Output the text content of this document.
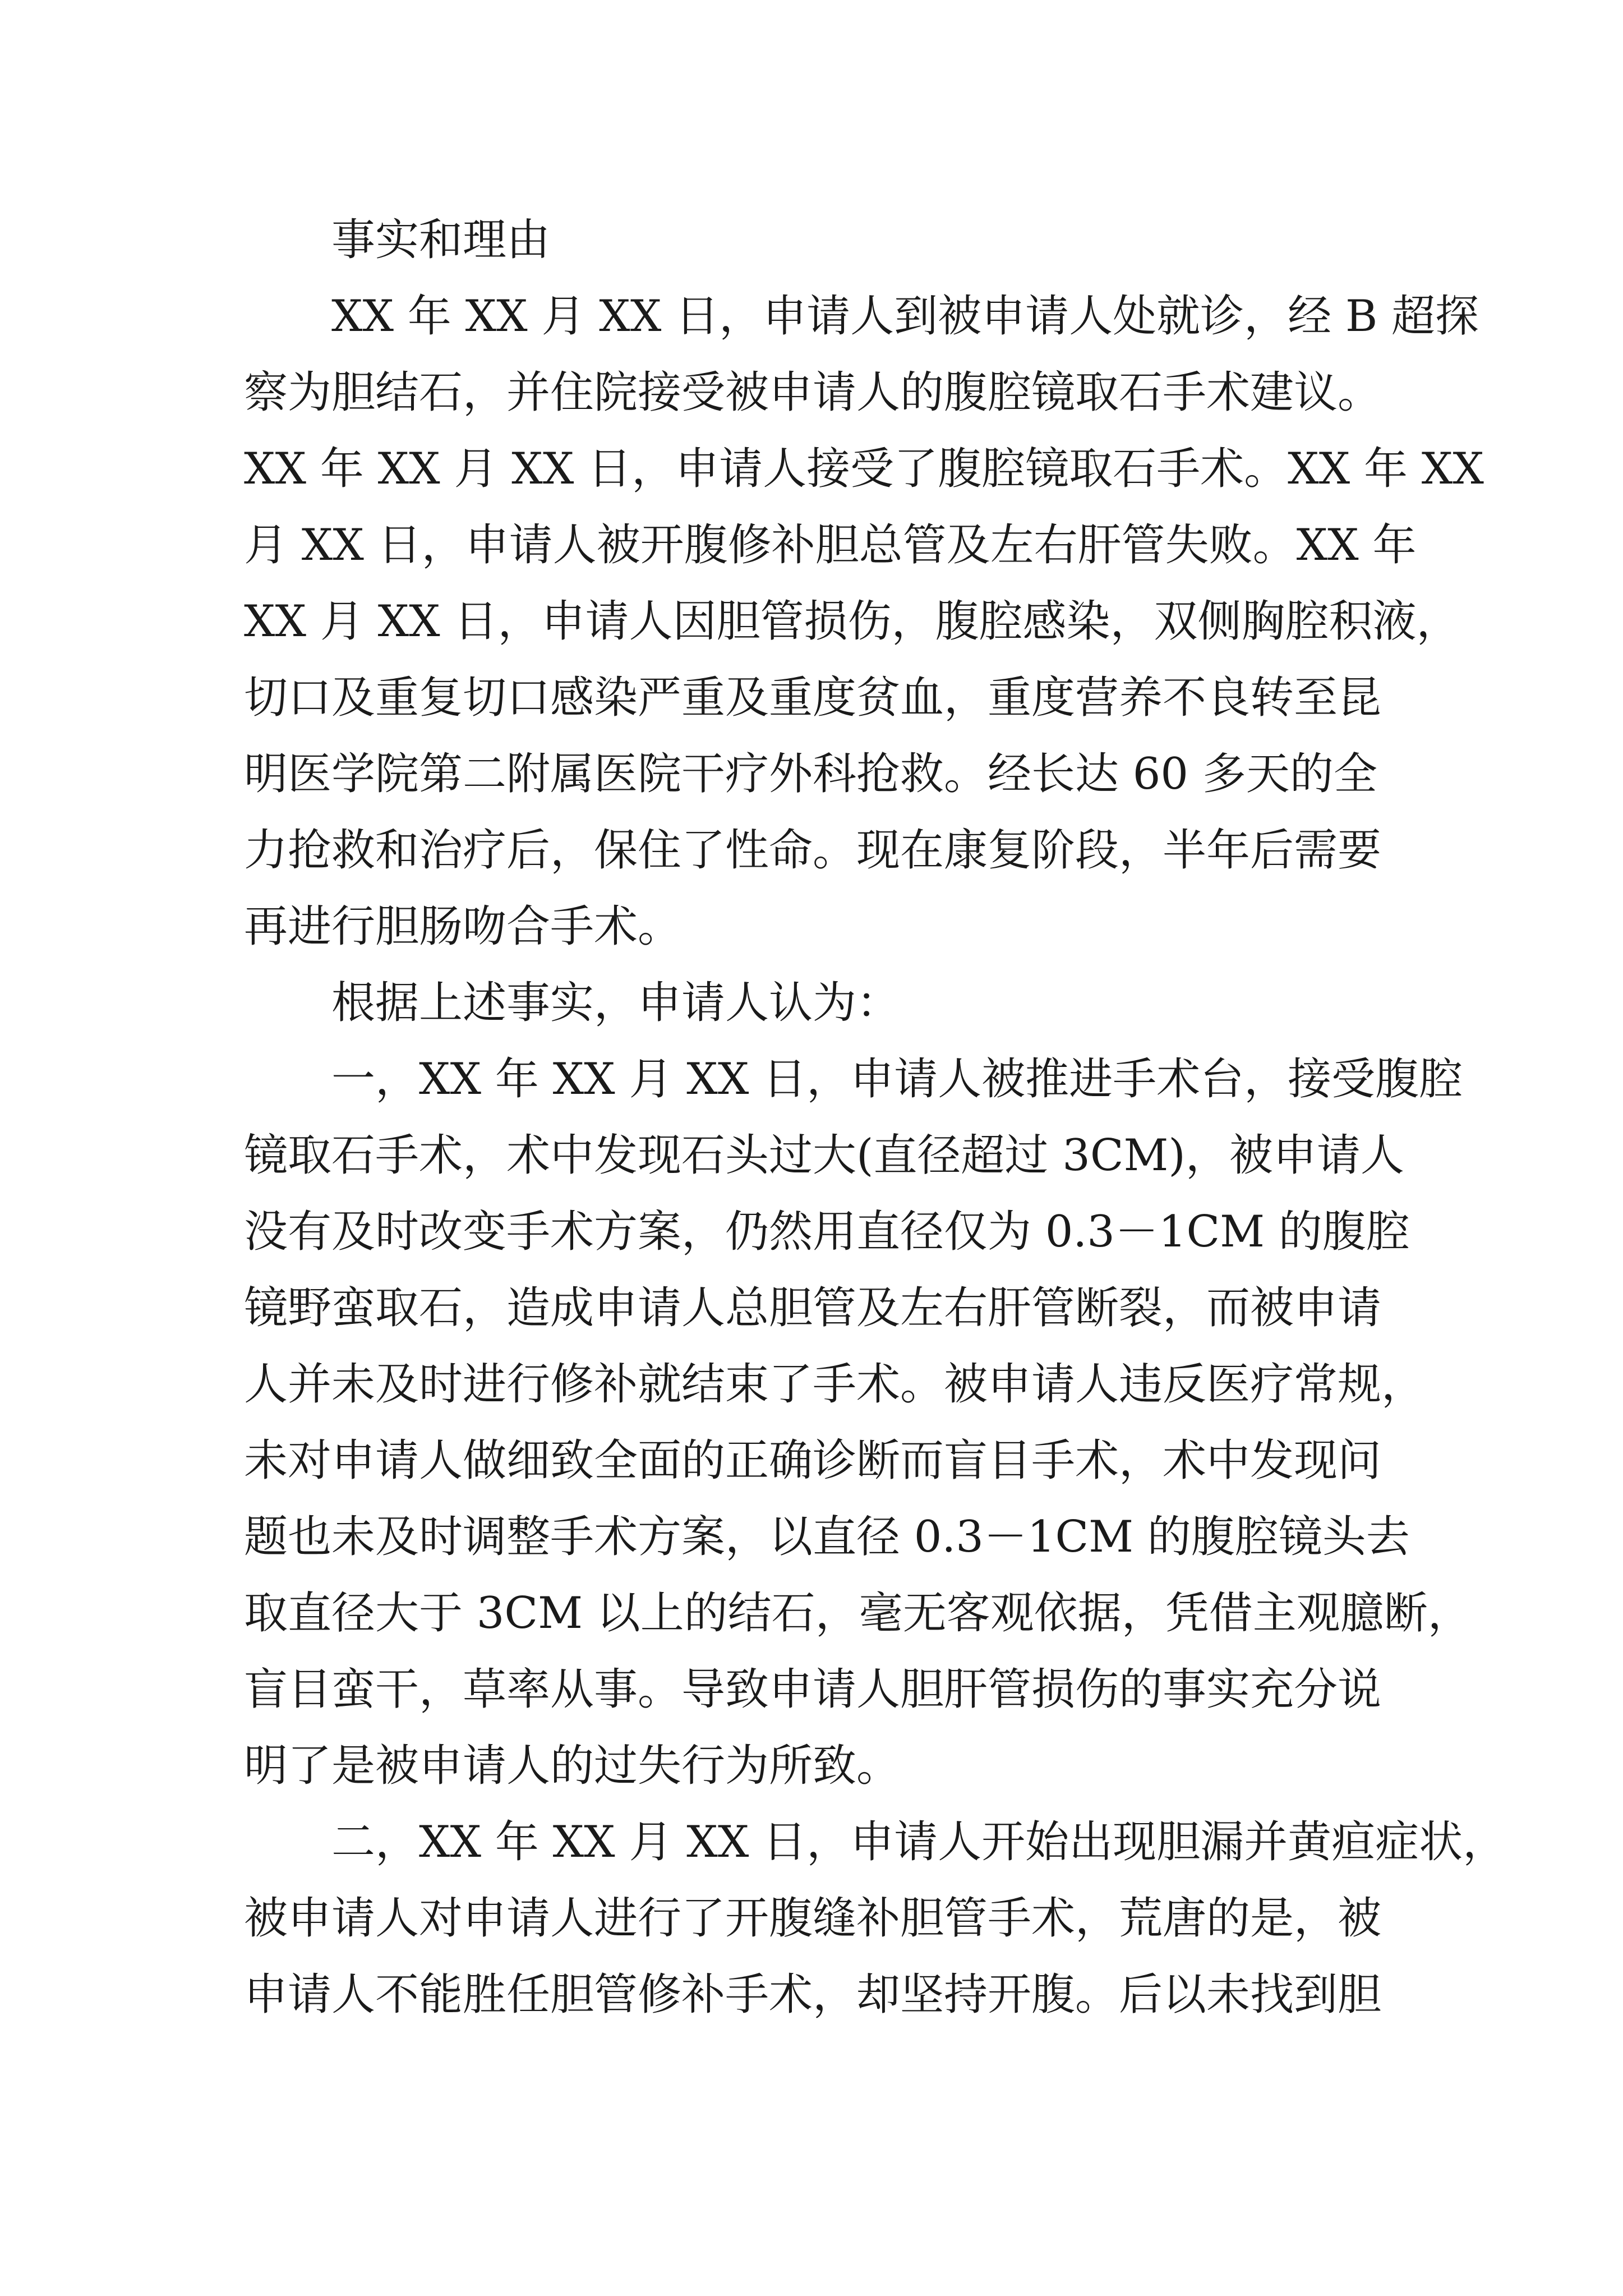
事实和理由
XX 年 XX 月 XX 日，申请人到被申请人处就诊，经 B 超探
察为胆结石，并住院接受被申请人的腹腔镜取石手术建议。
XX 年 XX 月 XX 日，申请人接受了腹腔镜取石手术。XX 年 XX
月 XX 日，申请人被开腹修补胆总管及左右肝管失败。XX 年
XX 月 XX 日，申请人因胆管损伤，腹腔感染，双侧胸腔积液，
切口及重复切口感染严重及重度贫血，重度营养不良转至昆
明医学院第二附属医院干疗外科抢救。经长达 60 多天的全
力抢救和治疗后，保住了性命。现在康复阶段，半年后需要
再进行胆肠吻合手术。
根据上述事实，申请人认为：
一，XX 年 XX 月 XX 日，申请人被推进手术台，接受腹腔
镜取石手术，术中发现石头过大(直径超过 3CM)，被申请人
没有及时改变手术方案，仍然用直径仅为 0.3－1CM 的腹腔
镜野蛮取石，造成申请人总胆管及左右肝管断裂，而被申请
人并未及时进行修补就结束了手术。被申请人违反医疗常规，
未对申请人做细致全面的正确诊断而盲目手术，术中发现问
题也未及时调整手术方案，以直径 0.3－1CM 的腹腔镜头去
取直径大于 3CM 以上的结石，毫无客观依据，凭借主观臆断，
盲目蛮干，草率从事。导致申请人胆肝管损伤的事实充分说
明了是被申请人的过失行为所致。
二，XX 年 XX 月 XX 日，申请人开始出现胆漏并黄疸症状，
被申请人对申请人进行了开腹缝补胆管手术，荒唐的是，被
申请人不能胜任胆管修补手术，却坚持开腹。后以未找到胆
